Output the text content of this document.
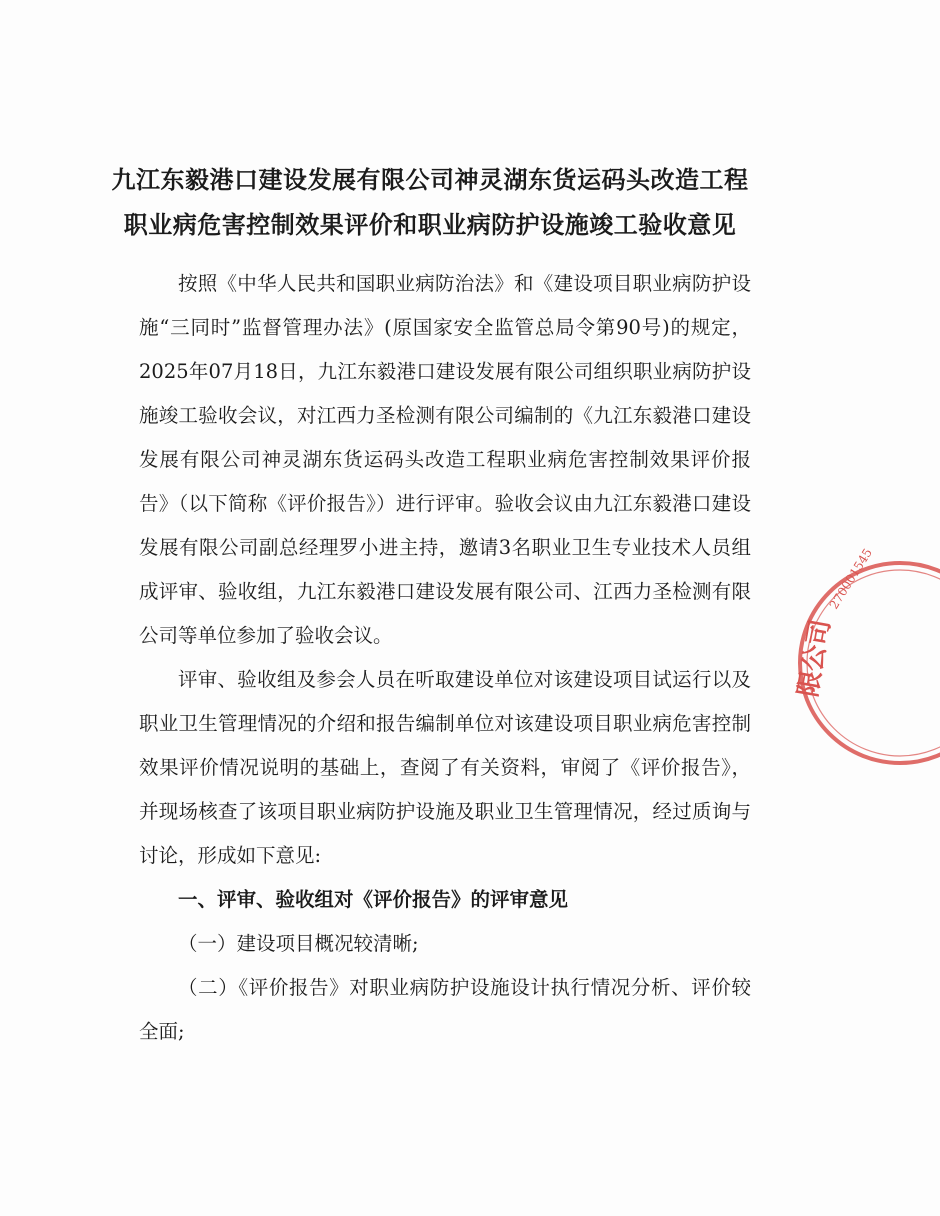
九江东毅港口建设发展有限公司神灵湖东货运码头改造工程
职业病危害控制效果评价和职业病防护设施竣工验收意见

按照《中华人民共和国职业病防治法》和《建设项目职业病防护设施“三同时”监督管理办法》(原国家安全监管总局令第90号)的规定，2025年07月18日，九江东毅港口建设发展有限公司组织职业病防护设施竣工验收会议，对江西力圣检测有限公司编制的《九江东毅港口建设发展有限公司神灵湖东货运码头改造工程职业病危害控制效果评价报告》（以下简称《评价报告》）进行评审。验收会议由九江东毅港口建设发展有限公司副总经理罗小进主持，邀请3名职业卫生专业技术人员组成评审、验收组，九江东毅港口建设发展有限公司、江西力圣检测有限公司等单位参加了验收会议。

评审、验收组及参会人员在听取建设单位对该建设项目试运行以及职业卫生管理情况的介绍和报告编制单位对该建设项目职业病危害控制效果评价情况说明的基础上，查阅了有关资料，审阅了《评价报告》，并现场核查了该项目职业病防护设施及职业卫生管理情况，经过质询与讨论，形成如下意见:

一、评审、验收组对《评价报告》的评审意见

（一）建设项目概况较清晰;

（二）《评价报告》对职业病防护设施设计执行情况分析、评价较全面;

270001545
限公司
